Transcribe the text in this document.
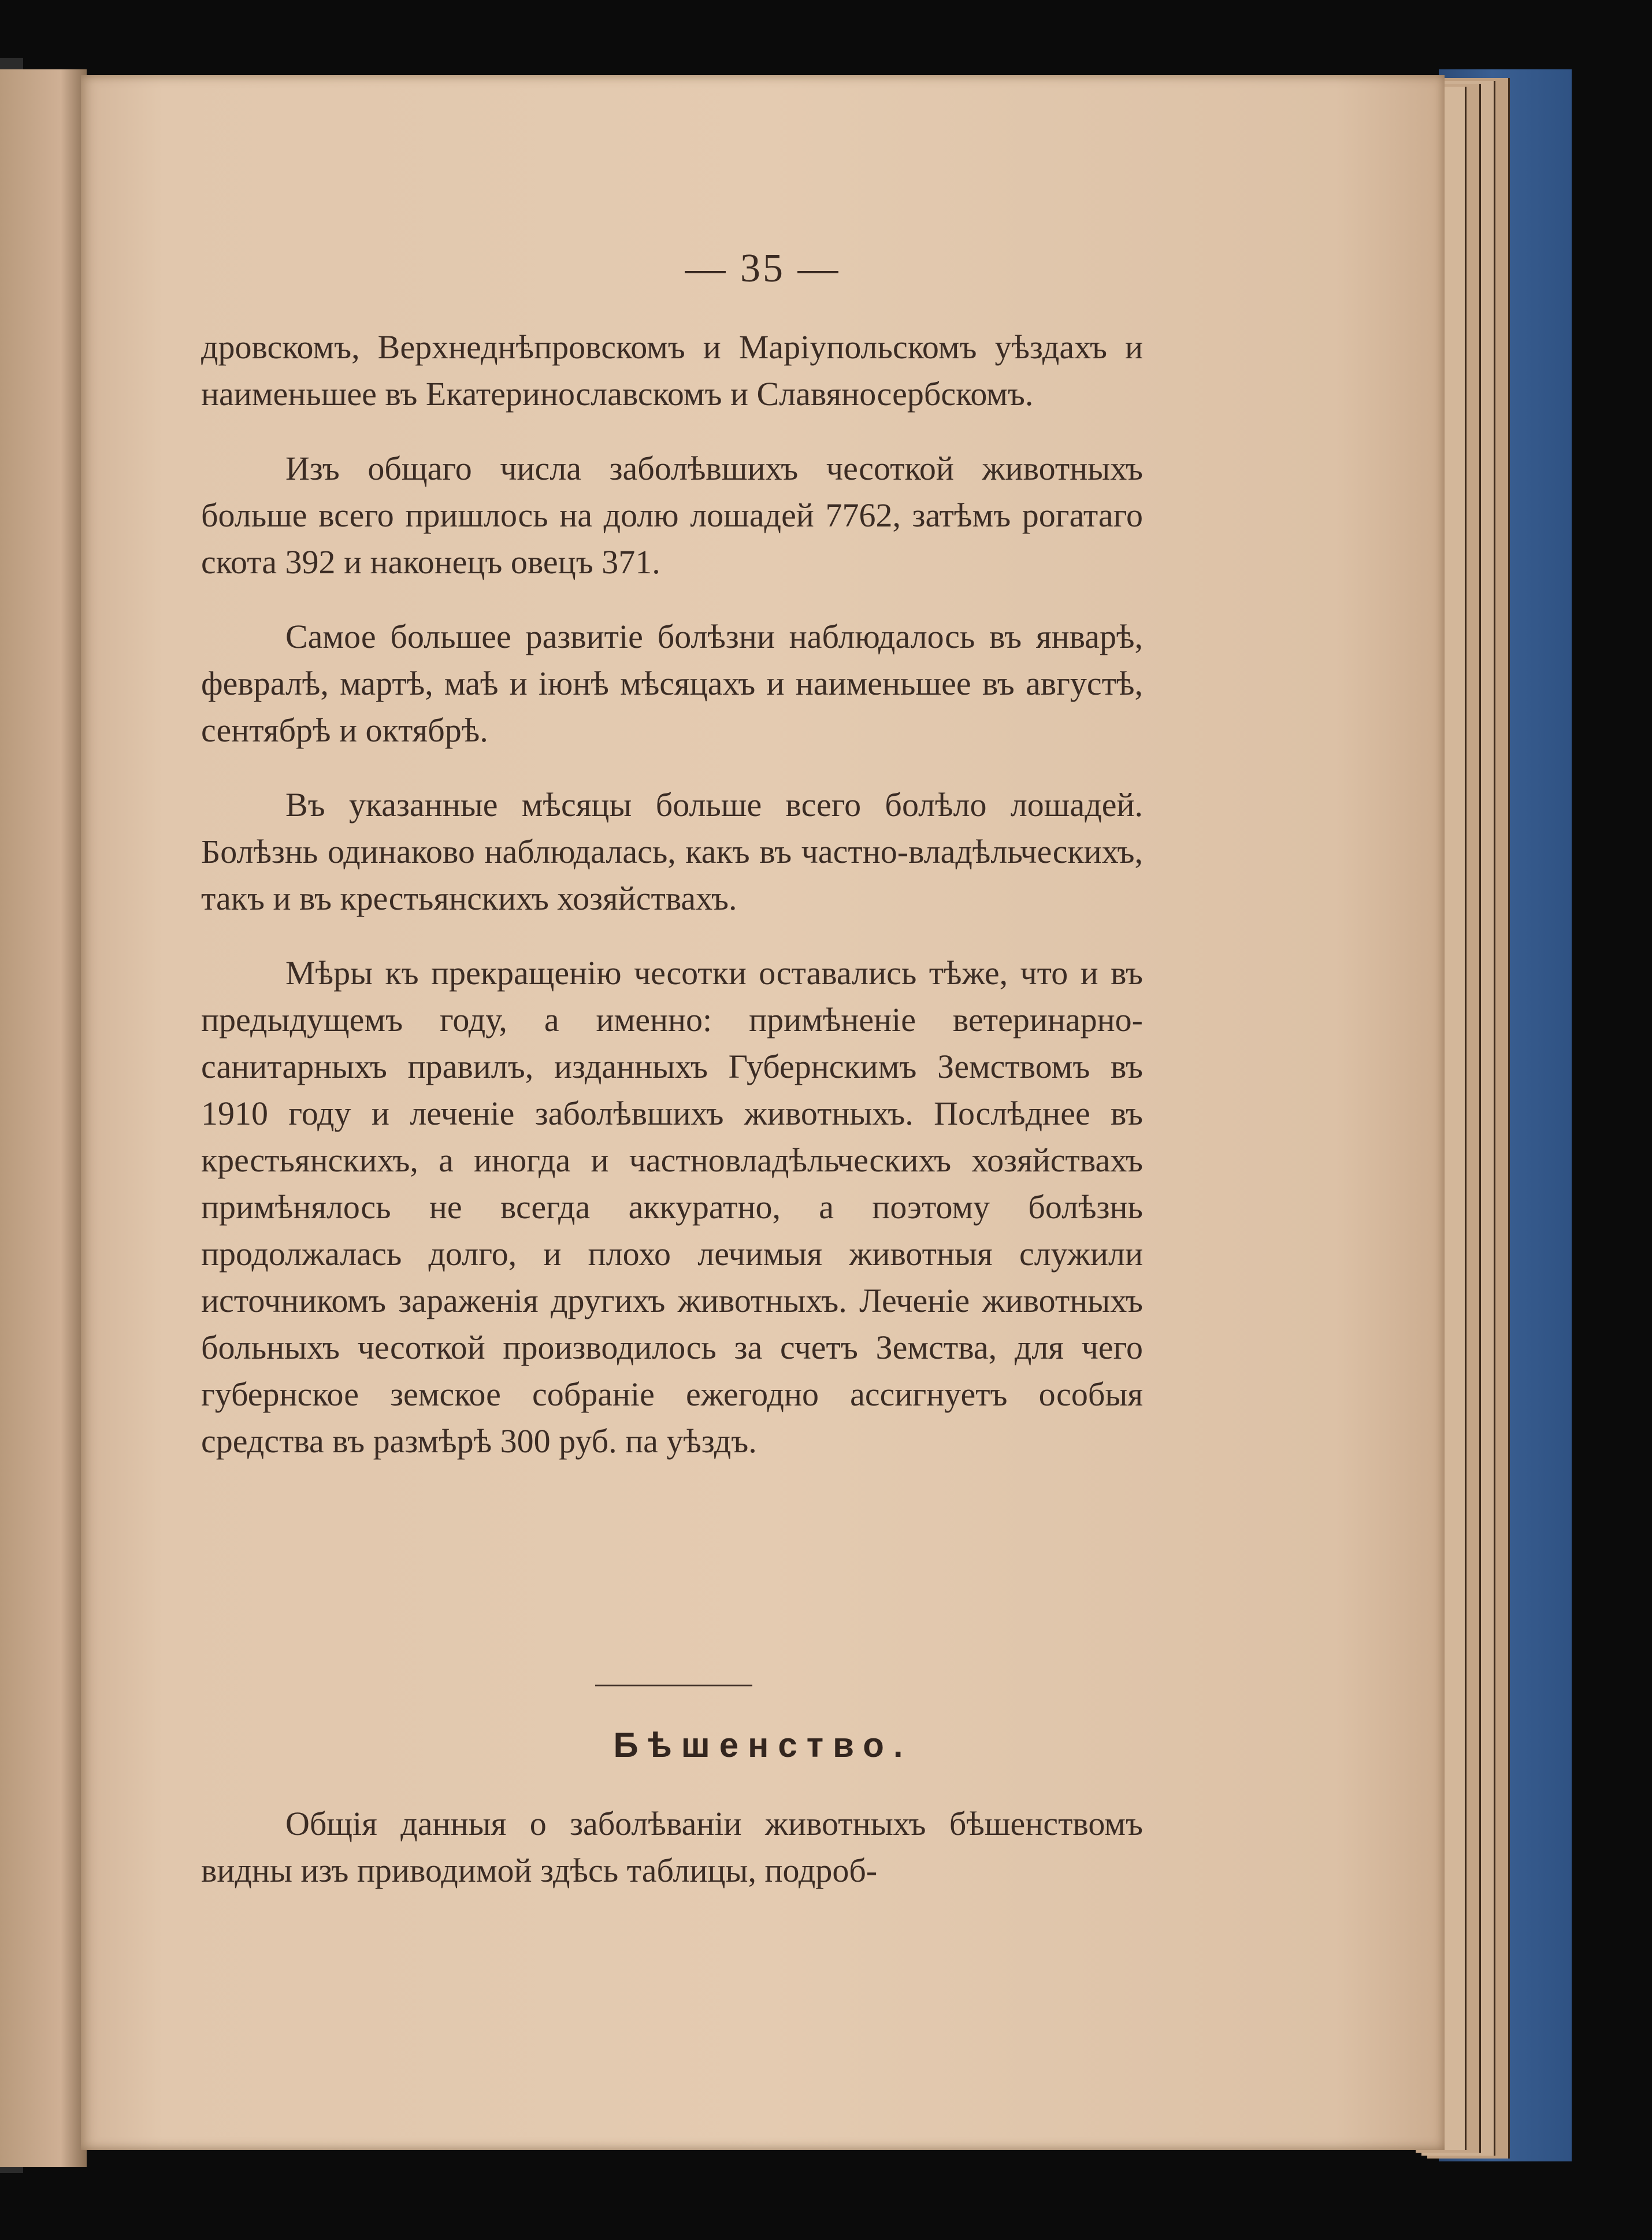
— 35 —

дровскомъ, Верхнеднѣпровскомъ и Маріупольскомъ уѣздахъ и наименьшее въ Екатеринославскомъ и Славяносербскомъ.

Изъ общаго числа заболѣвшихъ чесоткой животныхъ больше всего пришлось на долю лошадей 7762, затѣмъ рогатаго скота 392 и наконецъ овецъ 371.

Самое большее развитіе болѣзни наблюдалось въ январѣ, февралѣ, мартѣ, маѣ и іюнѣ мѣсяцахъ и наименьшее въ августѣ, сентябрѣ и октябрѣ.

Въ указанные мѣсяцы больше всего болѣло лошадей. Болѣзнь одинаково наблюдалась, какъ въ частно-владѣльческихъ, такъ и въ крестьянскихъ хозяйствахъ.

Мѣры къ прекращенію чесотки оставались тѣже, что и въ предыдущемъ году, а именно: примѣненіе ветеринарно-санитарныхъ правилъ, изданныхъ Губернскимъ Земствомъ въ 1910 году и леченіе заболѣвшихъ животныхъ. Послѣднее въ крестьянскихъ, а иногда и частновладѣльческихъ хозяйствахъ примѣнялось не всегда аккуратно, а поэтому болѣзнь продолжалась долго, и плохо лечимыя животныя служили источникомъ зараженія другихъ животныхъ. Леченіе животныхъ больныхъ чесоткой производилось за счетъ Земства, для чего губернское земское собраніе ежегодно ассигнуетъ особыя средства въ размѣрѣ 300 руб. па уѣздъ.

Бѣшенство.

Общія данныя о заболѣваніи животныхъ бѣшенствомъ видны изъ приводимой здѣсь таблицы, подроб-
